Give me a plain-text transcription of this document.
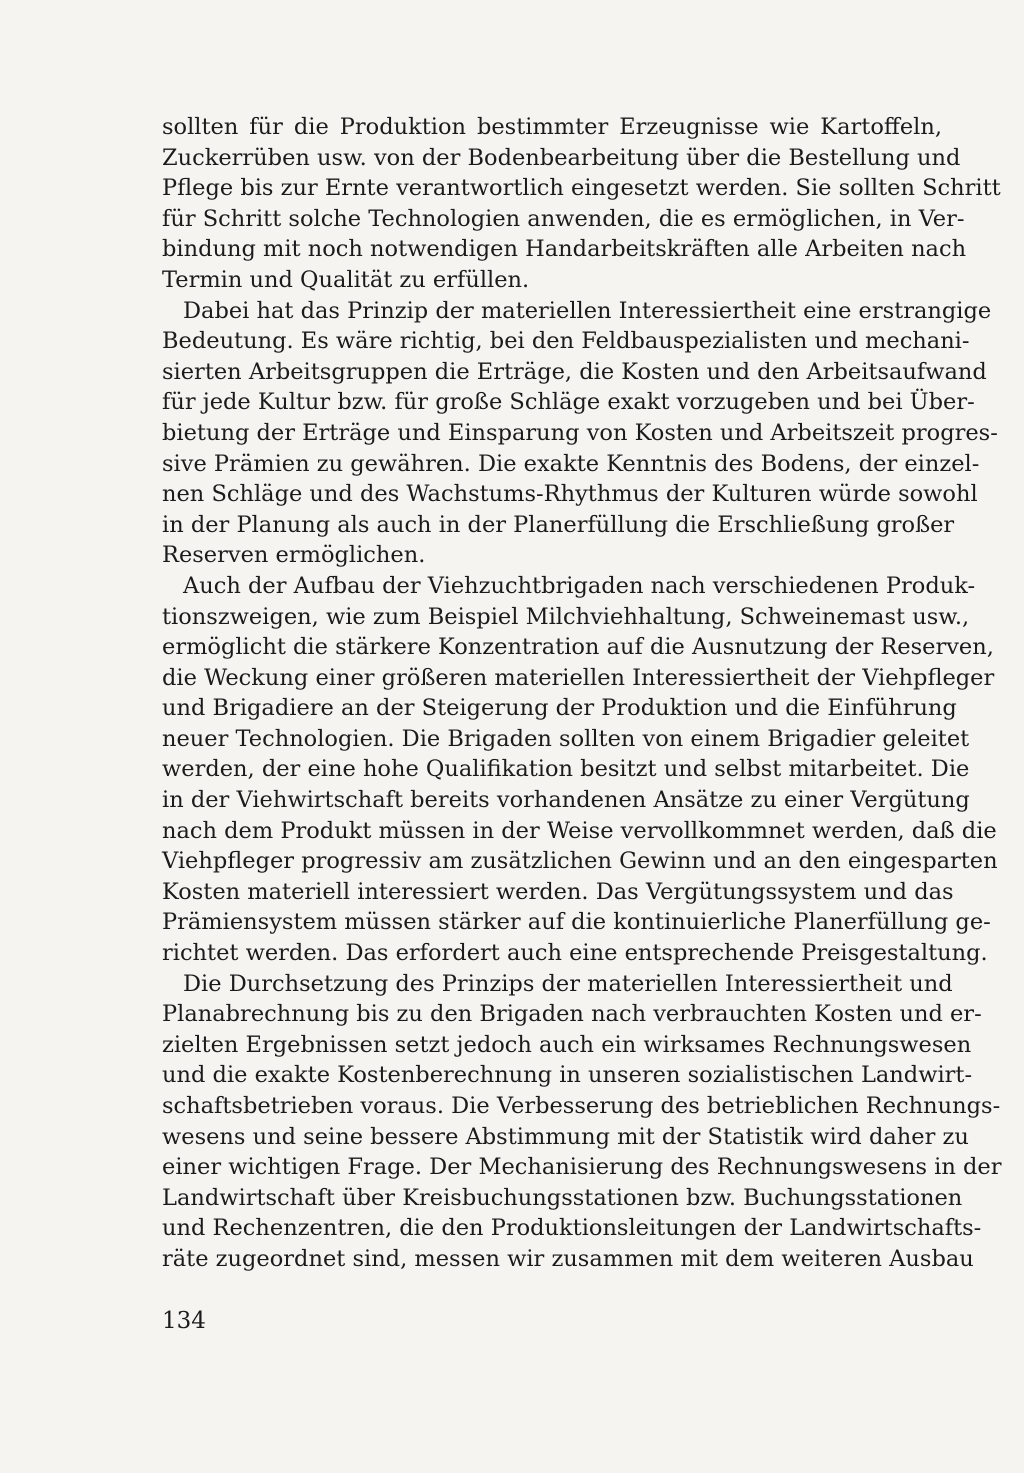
sollten für die Produktion bestimmter Erzeugnisse wie Kartoffeln,
Zuckerrüben usw. von der Bodenbearbeitung über die Bestellung und
Pflege bis zur Ernte verantwortlich eingesetzt werden. Sie sollten Schritt
für Schritt solche Technologien anwenden, die es ermöglichen, in Ver-
bindung mit noch notwendigen Handarbeitskräften alle Arbeiten nach
Termin und Qualität zu erfüllen.
Dabei hat das Prinzip der materiellen Interessiertheit eine erstrangige
Bedeutung. Es wäre richtig, bei den Feldbauspezialisten und mechani-
sierten Arbeitsgruppen die Erträge, die Kosten und den Arbeitsaufwand
für jede Kultur bzw. für große Schläge exakt vorzugeben und bei Über-
bietung der Erträge und Einsparung von Kosten und Arbeitszeit progres-
sive Prämien zu gewähren. Die exakte Kenntnis des Bodens, der einzel-
nen Schläge und des Wachstums-Rhythmus der Kulturen würde sowohl
in der Planung als auch in der Planerfüllung die Erschließung großer
Reserven ermöglichen.
Auch der Aufbau der Viehzuchtbrigaden nach verschiedenen Produk-
tionszweigen, wie zum Beispiel Milchviehhaltung, Schweinemast usw.,
ermöglicht die stärkere Konzentration auf die Ausnutzung der Reserven,
die Weckung einer größeren materiellen Interessiertheit der Viehpfleger
und Brigadiere an der Steigerung der Produktion und die Einführung
neuer Technologien. Die Brigaden sollten von einem Brigadier geleitet
werden, der eine hohe Qualifikation besitzt und selbst mitarbeitet. Die
in der Viehwirtschaft bereits vorhandenen Ansätze zu einer Vergütung
nach dem Produkt müssen in der Weise vervollkommnet werden, daß die
Viehpfleger progressiv am zusätzlichen Gewinn und an den eingesparten
Kosten materiell interessiert werden. Das Vergütungssystem und das
Prämiensystem müssen stärker auf die kontinuierliche Planerfüllung ge-
richtet werden. Das erfordert auch eine entsprechende Preisgestaltung.
Die Durchsetzung des Prinzips der materiellen Interessiertheit und
Planabrechnung bis zu den Brigaden nach verbrauchten Kosten und er-
zielten Ergebnissen setzt jedoch auch ein wirksames Rechnungswesen
und die exakte Kostenberechnung in unseren sozialistischen Landwirt-
schaftsbetrieben voraus. Die Verbesserung des betrieblichen Rechnungs-
wesens und seine bessere Abstimmung mit der Statistik wird daher zu
einer wichtigen Frage. Der Mechanisierung des Rechnungswesens in der
Landwirtschaft über Kreisbuchungsstationen bzw. Buchungsstationen
und Rechenzentren, die den Produktionsleitungen der Landwirtschafts-
räte zugeordnet sind, messen wir zusammen mit dem weiteren Ausbau
134
